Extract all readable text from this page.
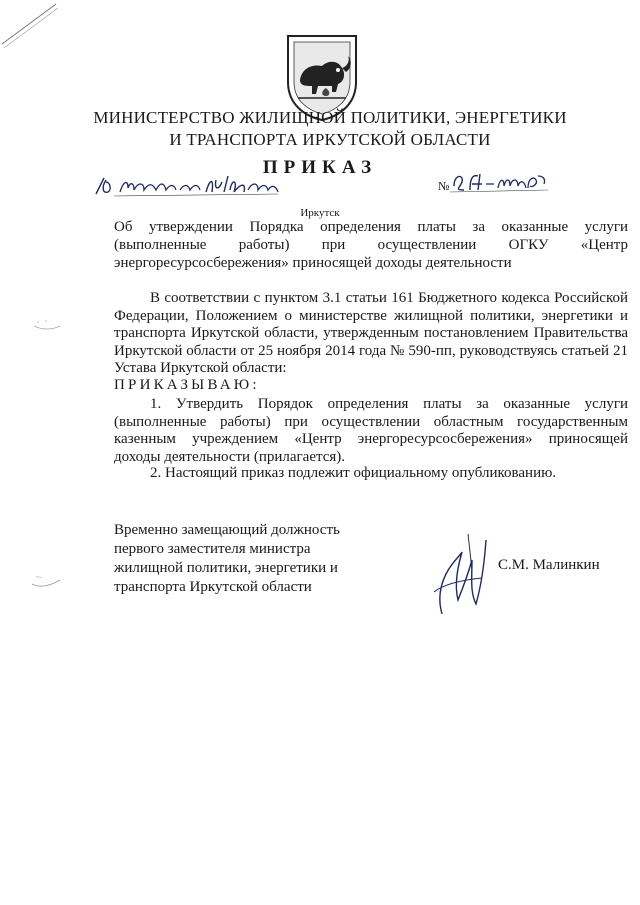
МИНИСТЕРСТВО ЖИЛИЩНОЙ ПОЛИТИКИ, ЭНЕРГЕТИКИ
И ТРАНСПОРТА ИРКУТСКОЙ ОБЛАСТИ
ПРИКАЗ
№
Иркутск
Об утверждении Порядка определения платы за оказанные услуги (выполненные работы) при осуществлении ОГКУ «Центр энергоресурсосбережения» приносящей доходы деятельности
В соответствии с пунктом 3.1 статьи 161 Бюджетного кодекса Российской Федерации, Положением о министерстве жилищной политики, энергетики и транспорта Иркутской области, утвержденным постановлением Правительства Иркутской области от 25 ноября 2014 года № 590-пп, руководствуясь статьей 21 Устава Иркутской области:
ПРИКАЗЫВАЮ:
1. Утвердить Порядок определения платы за оказанные услуги (выполненные работы) при осуществлении областным государственным казенным учреждением «Центр энергоресурсосбережения» приносящей доходы деятельности (прилагается).
2. Настоящий приказ подлежит официальному опубликованию.
Временно замещающий должность
первого заместителя министра
жилищной политики, энергетики и
транспорта Иркутской области
С.М. Малинкин
